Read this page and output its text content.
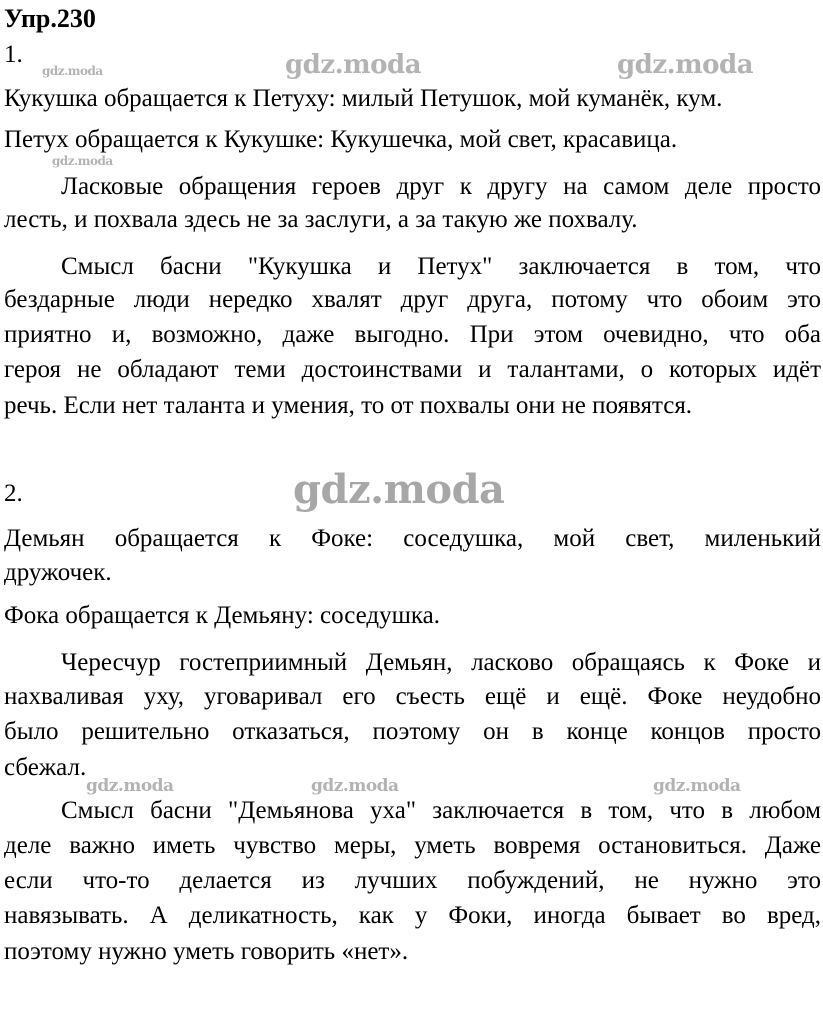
Упр.230
gdz.moda	gdz.moda	gdz.moda
gdz.moda
gdz.moda
gdz.moda	gdz.moda	gdz.moda
1.
Кукушка обращается к Петуху: милый Петушок, мой куманёк, кум.
Петух обращается к Кукушке: Кукушечка, мой свет, красавица.
Ласковые обращения героев друг к другу на самом деле просто
лесть, и похвала здесь не за заслуги, а за такую же похвалу.
Смысл басни "Кукушка и Петух" заключается в том, что
бездарные люди нередко хвалят друг друга, потому что обоим это
приятно и, возможно, даже выгодно. При этом очевидно, что оба
героя не обладают теми достоинствами и талантами, о которых идёт
речь. Если нет таланта и умения, то от похвалы они не появятся.
2.
Демьян обращается к Фоке: соседушка, мой свет, миленький
дружочек.
Фока обращается к Демьяну: соседушка.
Чересчур гостеприимный Демьян, ласково обращаясь к Фоке и
нахваливая уху, уговаривал его съесть ещё и ещё. Фоке неудобно
было решительно отказаться, поэтому он в конце концов просто
сбежал.
Смысл басни "Демьянова уха" заключается в том, что в любом
деле важно иметь чувство меры, уметь вовремя остановиться. Даже
если что-то делается из лучших побуждений, не нужно это
навязывать. А деликатность, как у Фоки, иногда бывает во вред,
поэтому нужно уметь говорить «нет».
